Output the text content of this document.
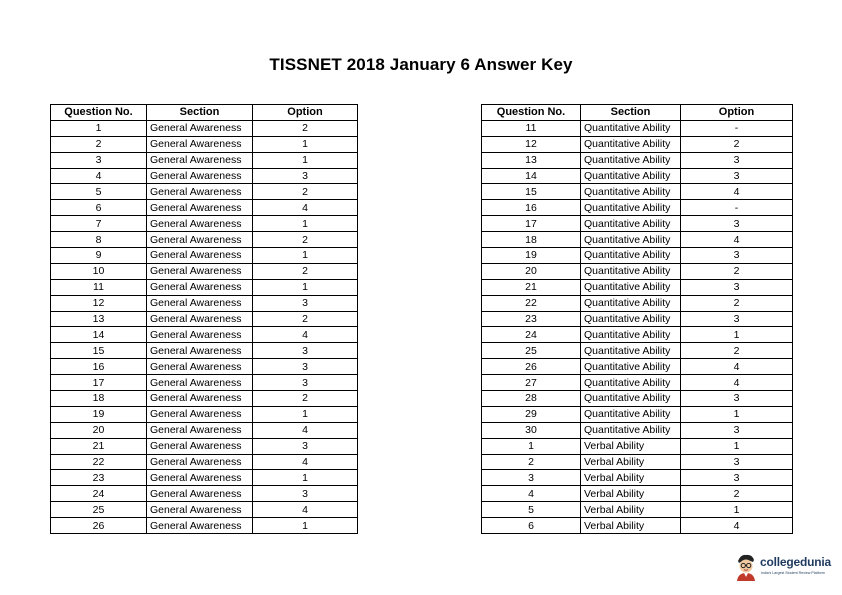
TISSNET 2018 January 6 Answer Key
Question No.	Section	Option
1	General Awareness	2
2	General Awareness	1
3	General Awareness	1
4	General Awareness	3
5	General Awareness	2
6	General Awareness	4
7	General Awareness	1
8	General Awareness	2
9	General Awareness	1
10	General Awareness	2
11	General Awareness	1
12	General Awareness	3
13	General Awareness	2
14	General Awareness	4
15	General Awareness	3
16	General Awareness	3
17	General Awareness	3
18	General Awareness	2
19	General Awareness	1
20	General Awareness	4
21	General Awareness	3
22	General Awareness	4
23	General Awareness	1
24	General Awareness	3
25	General Awareness	4
26	General Awareness	1
Question No.	Section	Option
11	Quantitative Ability	-
12	Quantitative Ability	2
13	Quantitative Ability	3
14	Quantitative Ability	3
15	Quantitative Ability	4
16	Quantitative Ability	-
17	Quantitative Ability	3
18	Quantitative Ability	4
19	Quantitative Ability	3
20	Quantitative Ability	2
21	Quantitative Ability	3
22	Quantitative Ability	2
23	Quantitative Ability	3
24	Quantitative Ability	1
25	Quantitative Ability	2
26	Quantitative Ability	4
27	Quantitative Ability	4
28	Quantitative Ability	3
29	Quantitative Ability	1
30	Quantitative Ability	3
1	Verbal Ability	1
2	Verbal Ability	3
3	Verbal Ability	3
4	Verbal Ability	2
5	Verbal Ability	1
6	Verbal Ability	4
collegedunia
India's Largest Student Review Platform
